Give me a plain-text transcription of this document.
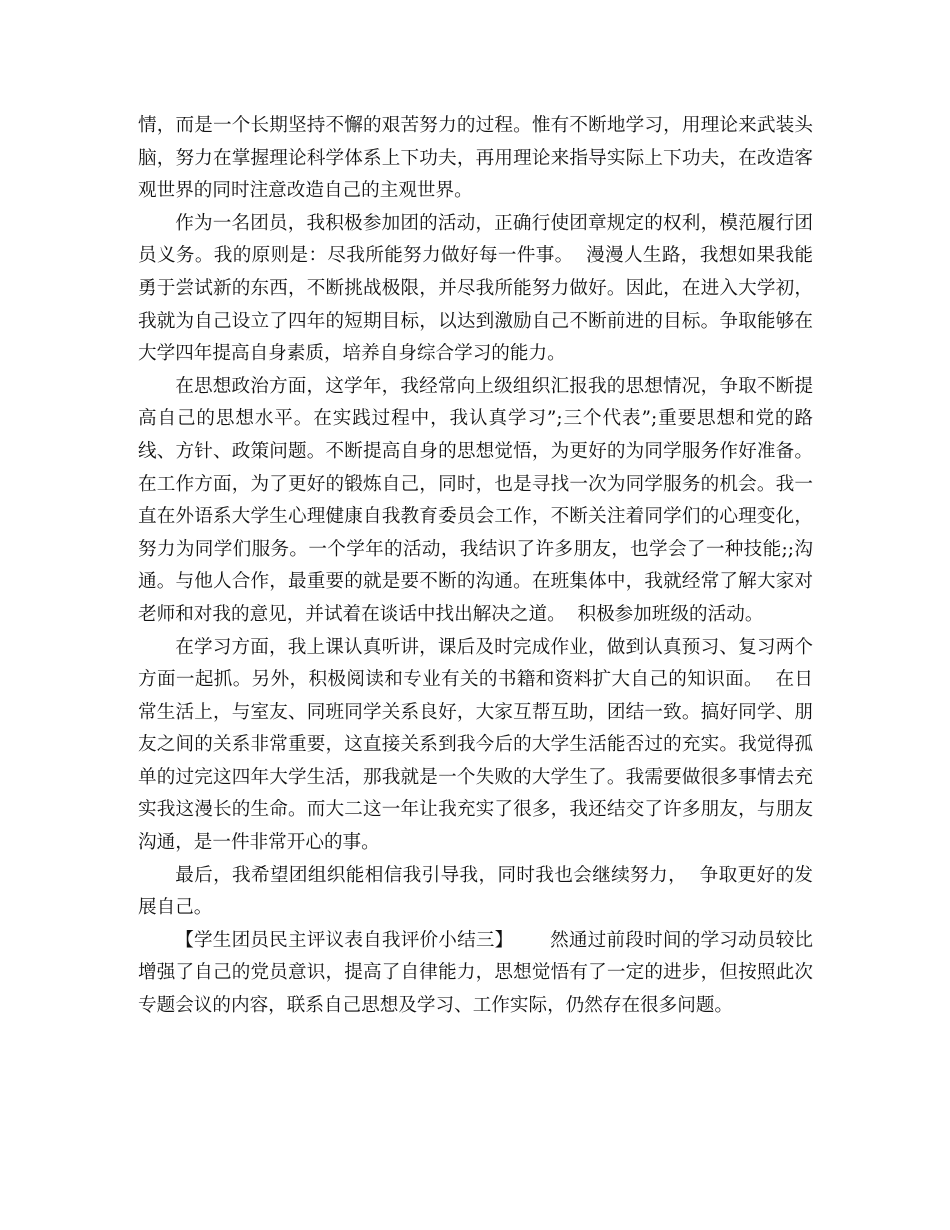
情，而是一个长期坚持不懈的艰苦努力的过程。惟有不断地学习，用理论来武装头脑，努力在掌握理论科学体系上下功夫，再用理论来指导实际上下功夫，在改造客观世界的同时注意改造自己的主观世界。

作为一名团员，我积极参加团的活动，正确行使团章规定的权利，模范履行团员义务。我的原则是：尽我所能努力做好每一件事。  漫漫人生路，我想如果我能勇于尝试新的东西，不断挑战极限，并尽我所能努力做好。因此，在进入大学初，我就为自己设立了四年的短期目标，以达到激励自己不断前进的目标。争取能够在大学四年提高自身素质，培养自身综合学习的能力。

在思想政治方面，这学年，我经常向上级组织汇报我的思想情况，争取不断提高自己的思想水平。在实践过程中，我认真学习”;三个代表”;重要思想和党的路线、方针、政策问题。不断提高自身的思想觉悟，为更好的为同学服务作好准备。在工作方面，为了更好的锻炼自己，同时，也是寻找一次为同学服务的机会。我一直在外语系大学生心理健康自我教育委员会工作，不断关注着同学们的心理变化，努力为同学们服务。一个学年的活动，我结识了许多朋友，也学会了一种技能;;沟通。与他人合作，最重要的就是要不断的沟通。在班集体中，我就经常了解大家对老师和对我的意见，并试着在谈话中找出解决之道。  积极参加班级的活动。

在学习方面，我上课认真听讲，课后及时完成作业，做到认真预习、复习两个方面一起抓。另外，积极阅读和专业有关的书籍和资料扩大自己的知识面。  在日常生活上，与室友、同班同学关系良好，大家互帮互助，团结一致。搞好同学、朋友之间的关系非常重要，这直接关系到我今后的大学生活能否过的充实。我觉得孤单的过完这四年大学生活，那我就是一个失败的大学生了。我需要做很多事情去充实我这漫长的生命。而大二这一年让我充实了很多，我还结交了许多朋友，与朋友沟通，是一件非常开心的事。

最后，我希望团组织能相信我引导我，同时我也会继续努力，  争取更好的发展自己。

【学生团员民主评议表自我评价小结三】      然通过前段时间的学习动员较比增强了自己的党员意识，提高了自律能力，思想觉悟有了一定的进步，但按照此次专题会议的内容，联系自己思想及学习、工作实际，仍然存在很多问题。
